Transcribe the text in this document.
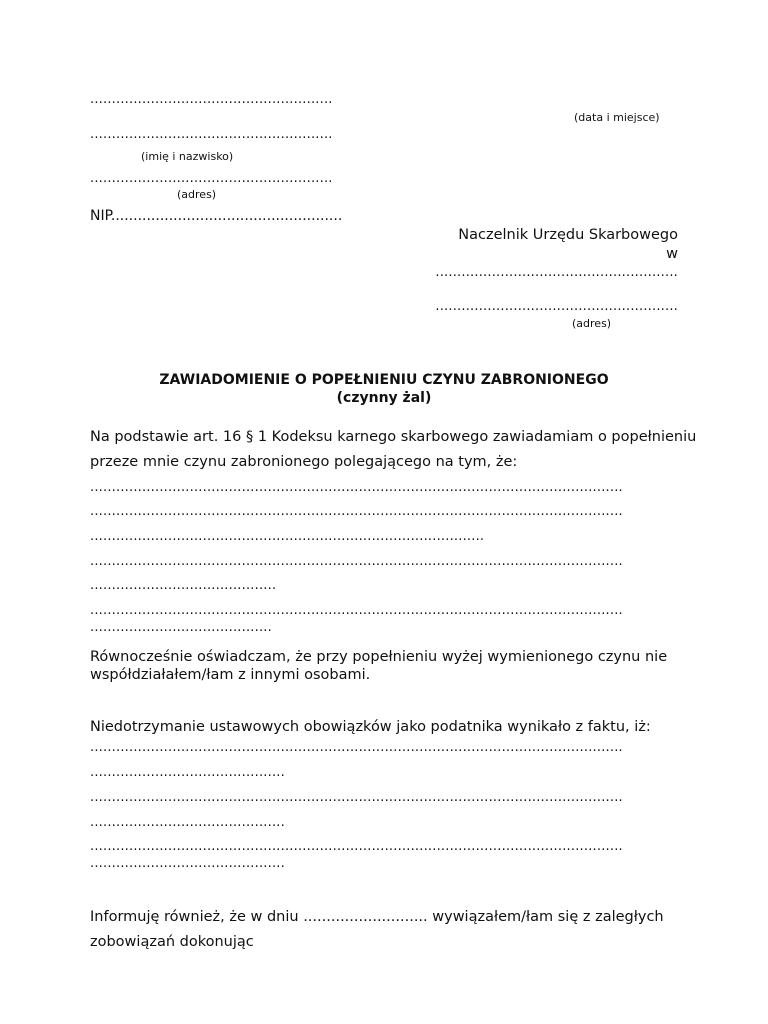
........................................................
(data i miejsce)
........................................................
(imię i nazwisko)
........................................................
(adres)
NIP....................................................
Naczelnik Urzędu Skarbowego
w
........................................................
........................................................
(adres)
ZAWIADOMIENIE O POPEŁNIENIU CZYNU ZABRONIONEGO
(czynny żal)
Na podstawie art. 16 § 1 Kodeksu karnego skarbowego zawiadamiam o popełnieniu
przeze mnie czynu zabronionego polegającego na tym, że:
...........................................................................................................................
...........................................................................................................................
...........................................................................................
...........................................................................................................................
...........................................
...........................................................................................................................
..........................................
Równocześnie oświadczam, że przy popełnieniu wyżej wymienionego czynu nie
współdziałałem/łam z innymi osobami.
Niedotrzymanie ustawowych obowiązków jako podatnika wynikało z faktu, iż:
...........................................................................................................................
.............................................
...........................................................................................................................
.............................................
...........................................................................................................................
.............................................
Informuję również, że w dniu ........................... wywiązałem/łam się z zaległych
zobowiązań dokonując
